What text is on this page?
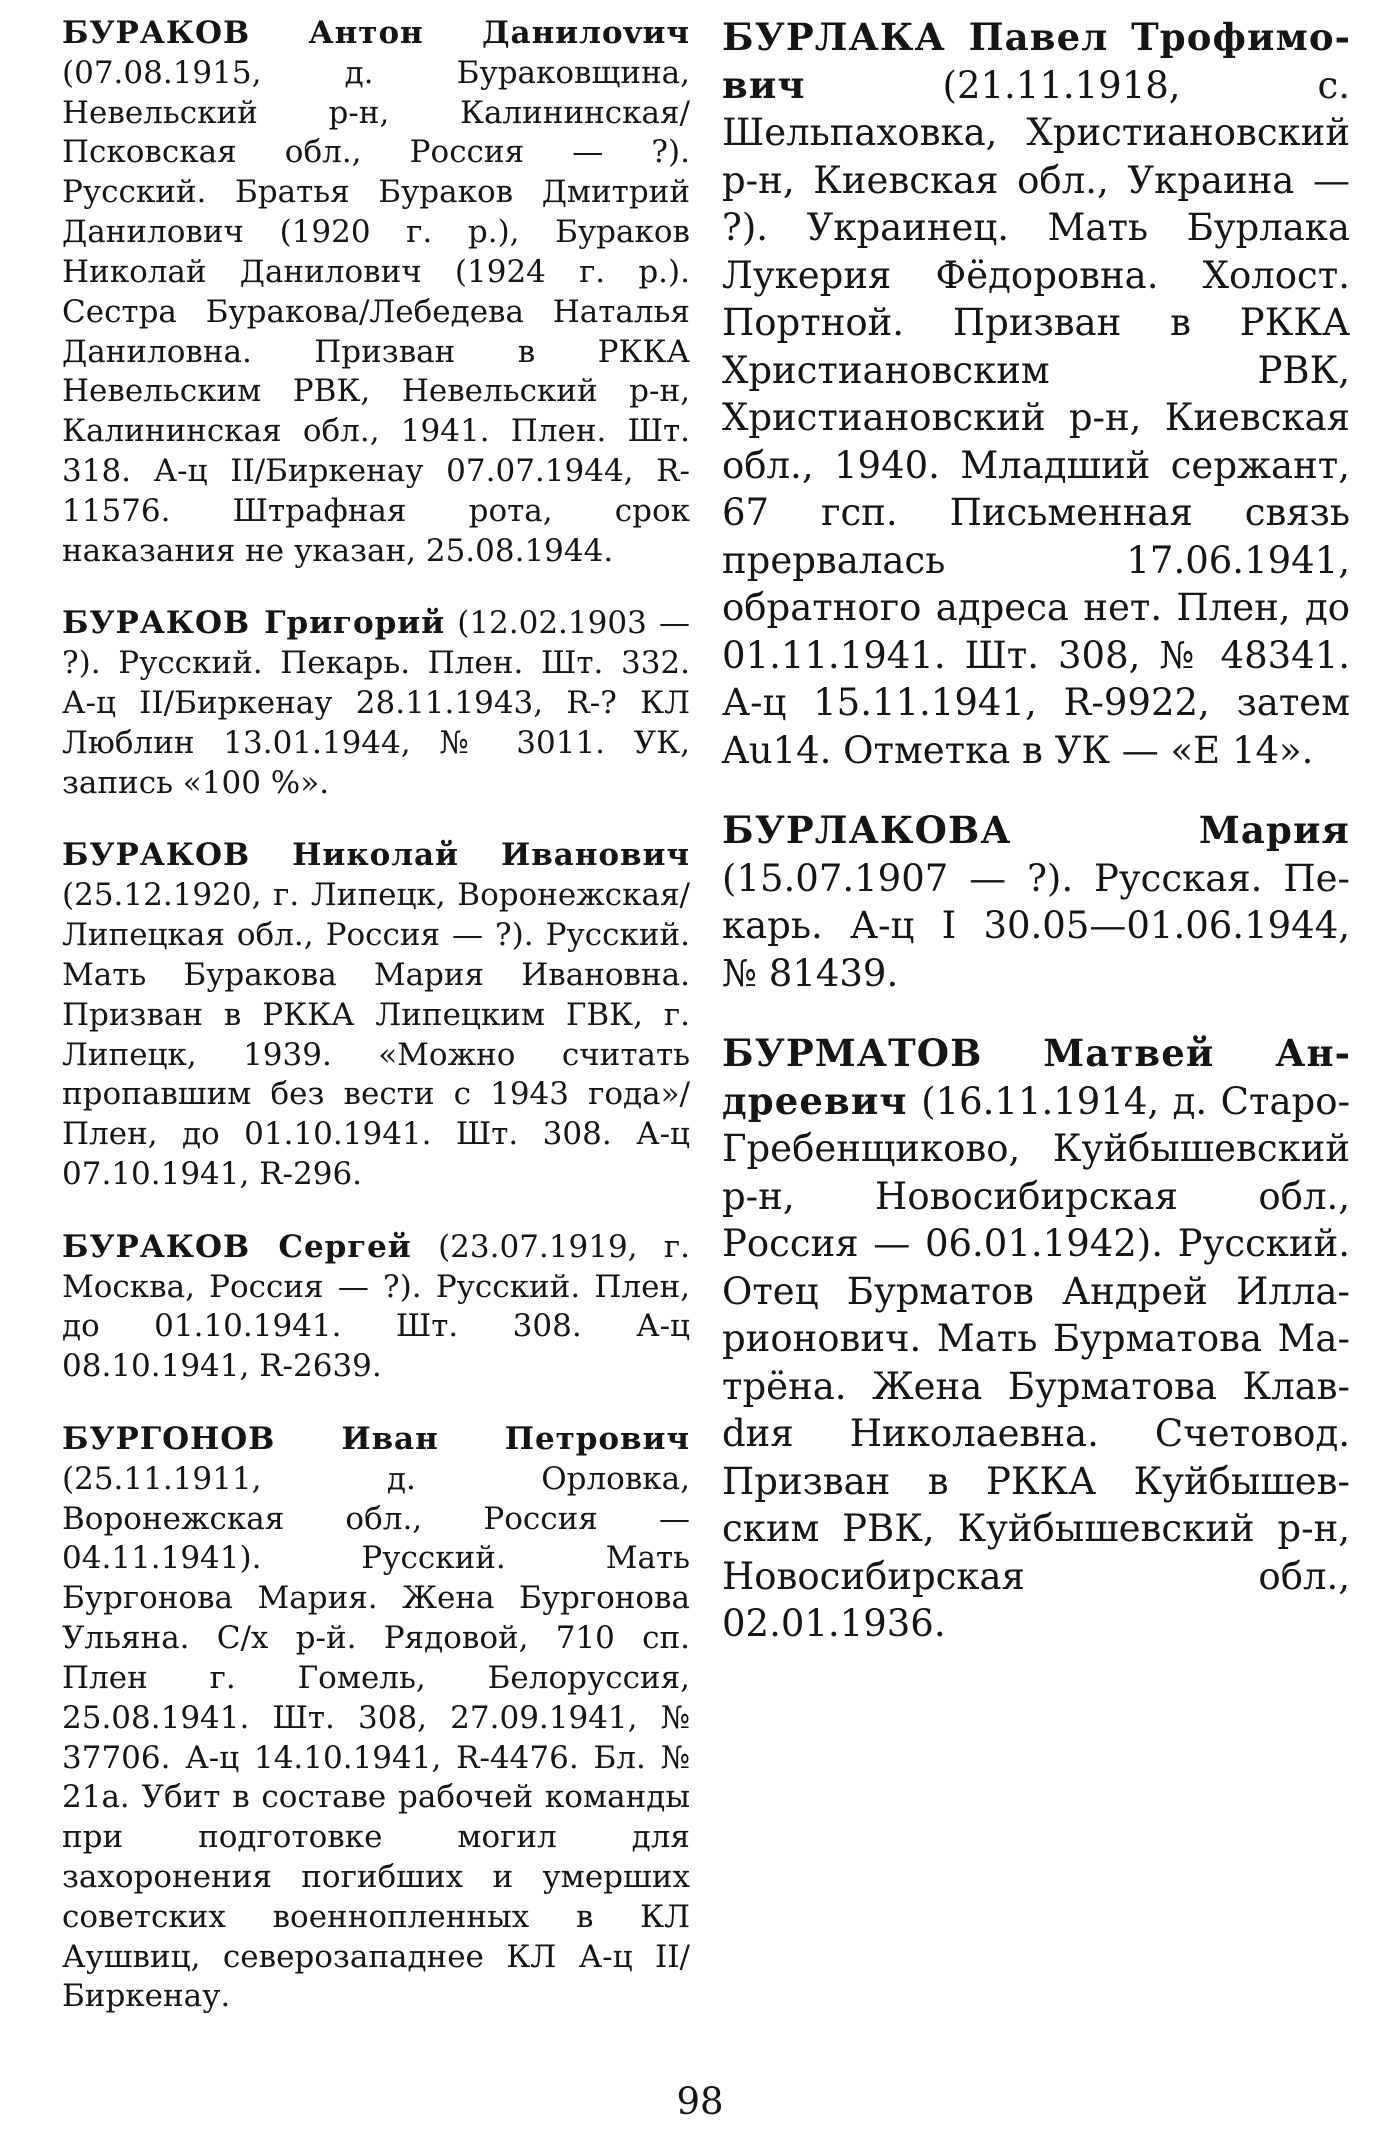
БУРАКОВ Антон Данилоvич (07.08.1915, д. Бураковщина, Невельский р-н, Калининская/Псковская обл., Россия — ?). Русский. Братья Бураков Дмитрий Данилович (1920 г. р.), Бураков Николай Данилович (1924 г. р.). Сестра Буракова/Лебедева Наталья Даниловна. Призван в РККА Невельским РВК, Невельский р-н, Калининская обл., 1941. Плен. Шт. 318. А-ц II/Биркенау 07.07.1944, R-11576. Штрафная рота, срок наказания не указан, 25.08.1944.

БУРАКОВ Григорий (12.02.1903 — ?). Русский. Пекарь. Плен. Шт. 332. А-ц II/Биркенау 28.11.1943, R-? КЛ Люблин 13.01.1944, № 3011. УК, запись «100 %».

БУРАКОВ Николай Иванович (25.12.1920, г. Липецк, Воронежская/Липецкая обл., Россия — ?). Русский. Мать Буракова Мария Ивановна. Призван в РККА Липецким ГВК, г. Липецк, 1939. «Можно считать пропавшим без вести с 1943 года»/Плен, до 01.10.1941. Шт. 308. А-ц 07.10.1941, R-296.

БУРАКОВ Сергей (23.07.1919, г. Москва, Россия — ?). Русский. Плен, до 01.10.1941. Шт. 308. А-ц 08.10.1941, R-2639.

БУРГОНОВ Иван Петрович (25.11.1911, д. Орловка, Воронежская обл., Россия — 04.11.1941). Русский. Мать Бургонова Мария. Жена Бургонова Ульяна. С/х р-й. Рядовой, 710 сп. Плен г. Гомель, Белоруссия, 25.08.1941. Шт. 308, 27.09.1941, № 37706. А-ц 14.10.1941, R-4476. Бл. № 21а. Убит в составе рабочей команды при подготовке могил для захоронения погибших и умерших советских военнопленных в КЛ Аушвиц, северозападнее КЛ А-ц II/Биркенау.

БУРЛАКА Павел Трофимович (21.11.1918, с. Шельпаховка, Христиановский р-н, Киевская обл., Украина — ?). Украинец. Мать Бурлака Лукерия Фёдоровна. Холост. Портной. Призван в РККА Христиановским РВК, Христиановский р-н, Киевская обл., 1940. Младший сержант, 67 гсп. Письменная связь прервалась 17.06.1941, обратного адреса нет. Плен, до 01.11.1941. Шт. 308, № 48341. А-ц 15.11.1941, R-9922, затем Au14. Отметка в УК — «Е 14».

БУРЛАКОВА Мария (15.07.1907 — ?). Русская. Пекарь. А-ц I 30.05—01.06.1944, № 81439.

БУРМАТОВ Матвей Андреевич (16.11.1914, д. СтароГребенщиково, Куйбышевский р-н, Новосибирская обл., Россия — 06.01.1942). Русский. Отец Бурматов Андрей Илларионович. Мать Бурматова Матрёна. Жена Бурматова Клавdия Николаевна. Счетовод. Призван в РККА Куйбышевским РВК, Куйбышевский р-н, Новосибирская обл., 02.01.1936.

98
